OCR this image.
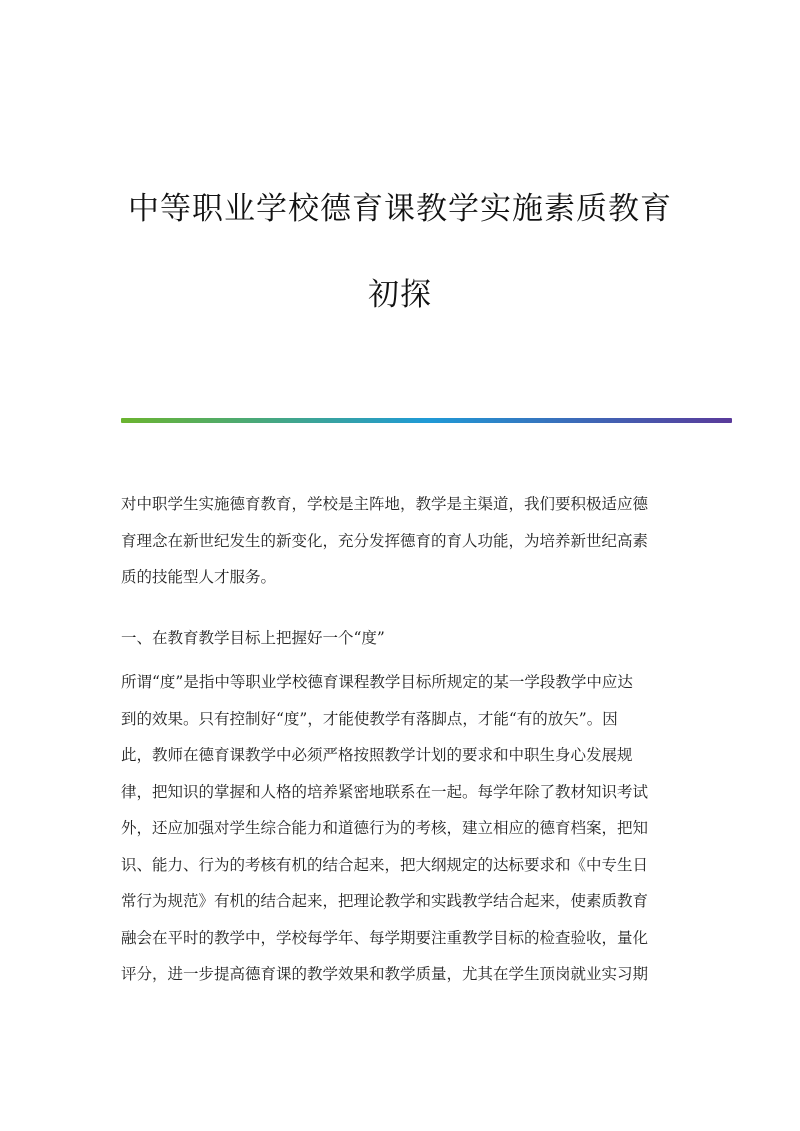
中等职业学校德育课教学实施素质教育
初探
对中职学生实施德育教育，学校是主阵地，教学是主渠道，我们要积极适应德
育理念在新世纪发生的新变化，充分发挥德育的育人功能，为培养新世纪高素
质的技能型人才服务。
一、在教育教学目标上把握好一个“度”
所谓“度”是指中等职业学校德育课程教学目标所规定的某一学段教学中应达
到的效果。只有控制好“度”，才能使教学有落脚点，才能“有的放矢”。因
此，教师在德育课教学中必须严格按照教学计划的要求和中职生身心发展规
律，把知识的掌握和人格的培养紧密地联系在一起。每学年除了教材知识考试
外，还应加强对学生综合能力和道德行为的考核，建立相应的德育档案，把知
识、能力、行为的考核有机的结合起来，把大纲规定的达标要求和《中专生日
常行为规范》有机的结合起来，把理论教学和实践教学结合起来，使素质教育
融会在平时的教学中，学校每学年、每学期要注重教学目标的检查验收，量化
评分，进一步提高德育课的教学效果和教学质量，尤其在学生顶岗就业实习期
